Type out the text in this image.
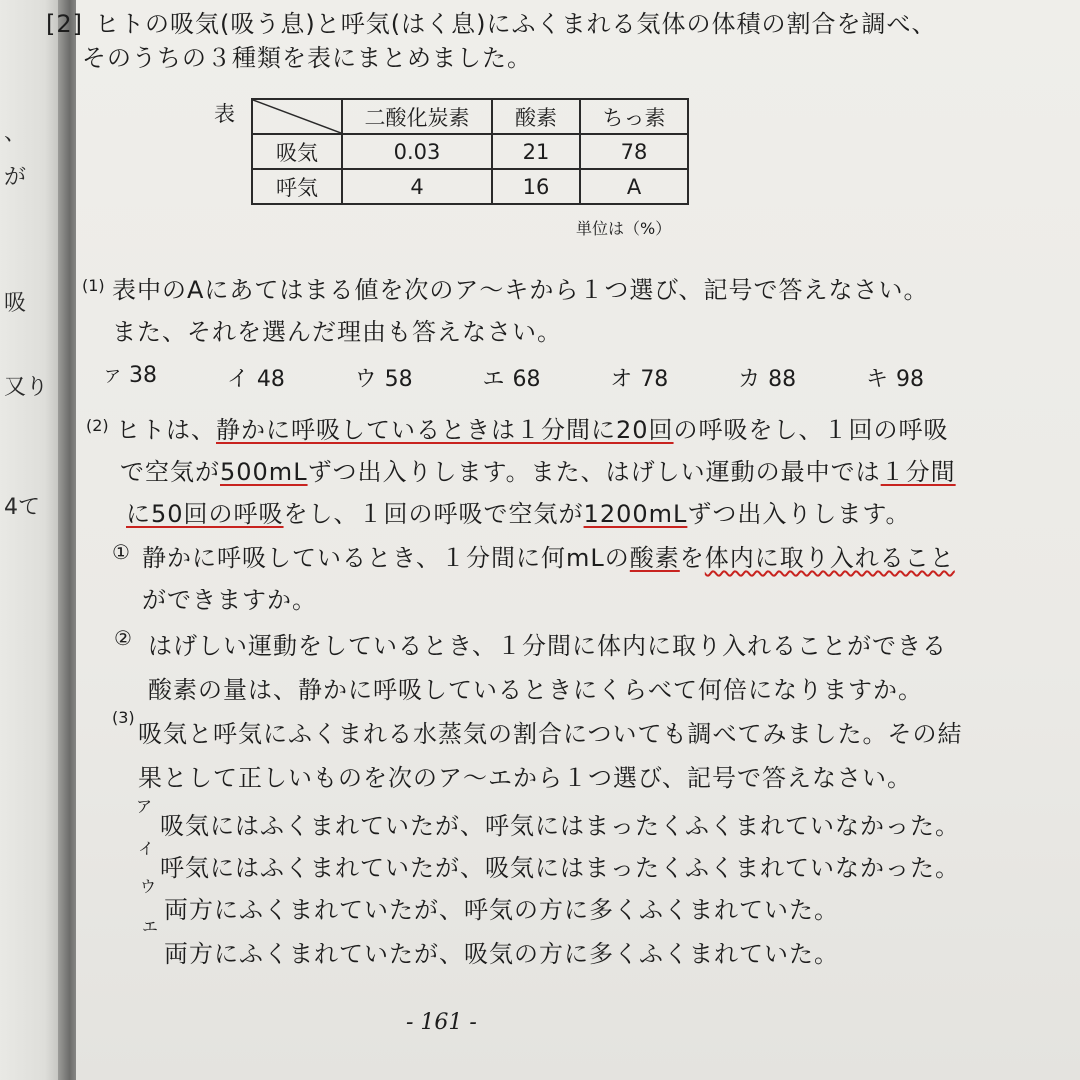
、
が
吸
又り
4て
[2] ヒトの吸気(吸う息)と呼気(はく息)にふくまれる気体の体積の割合を調べ、
そのうちの３種類を表にまとめました。
表
		二酸化炭素	酸素	ちっ素
吸気	0.03	21	78
呼気	4	16	A
単位は（%）
(1) 表中のAにあてはまる値を次のア～キから１つ選び、記号で答えなさい。
また、それを選んだ理由も答えなさい。
ア 38	イ 48	ウ 58	エ 68	オ 78	カ 88	キ 98
(2) ヒトは、静かに呼吸しているときは１分間に20回の呼吸をし、１回の呼吸
で空気が500mLずつ出入りします。また、はげしい運動の最中では１分間
に50回の呼吸をし、１回の呼吸で空気が1200mLずつ出入りします。
① 静かに呼吸しているとき、１分間に何mLの酸素を体内に取り入れること
ができますか。
② はげしい運動をしているとき、１分間に体内に取り入れることができる
酸素の量は、静かに呼吸しているときにくらべて何倍になりますか。
(3)
吸気と呼気にふくまれる水蒸気の割合についても調べてみました。その結
果として正しいものを次のア～エから１つ選び、記号で答えなさい。
ア
吸気にはふくまれていたが、呼気にはまったくふくまれていなかった。
イ
呼気にはふくまれていたが、吸気にはまったくふくまれていなかった。
ウ
両方にふくまれていたが、呼気の方に多くふくまれていた。
エ
両方にふくまれていたが、吸気の方に多くふくまれていた。
- 161 -
